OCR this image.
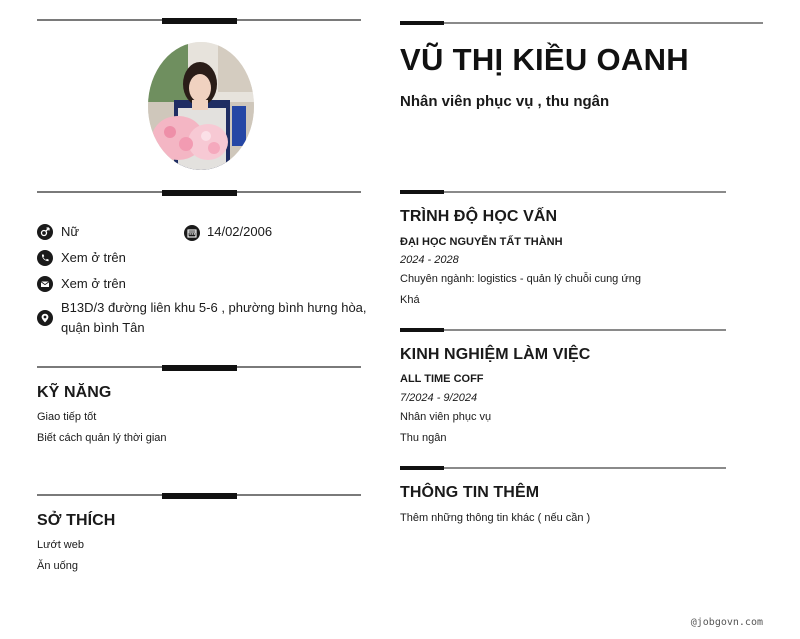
Nữ	14/02/2006
Xem ở trên
Xem ở trên
B13D/3 đường liên khu 5-6 , phường bình hưng hòa,
quận bình Tân
KỸ NĂNG
Giao tiếp tốt
Biết cách quản lý thời gian
SỞ THÍCH
Lướt web
Ăn uống
VŨ THỊ KIỀU OANH
Nhân viên phục vụ , thu ngân
TRÌNH ĐỘ HỌC VẤN
ĐẠI HỌC NGUYỄN TẤT THÀNH
2024 - 2028
Chuyên ngành: logistics - quản lý chuỗi cung ứng
Khá
KINH NGHIỆM LÀM VIỆC
ALL TIME COFF
7/2024 - 9/2024
Nhân viên phục vụ
Thu ngân
THÔNG TIN THÊM
Thêm những thông tin khác ( nếu cần )
@jobgovn.com
